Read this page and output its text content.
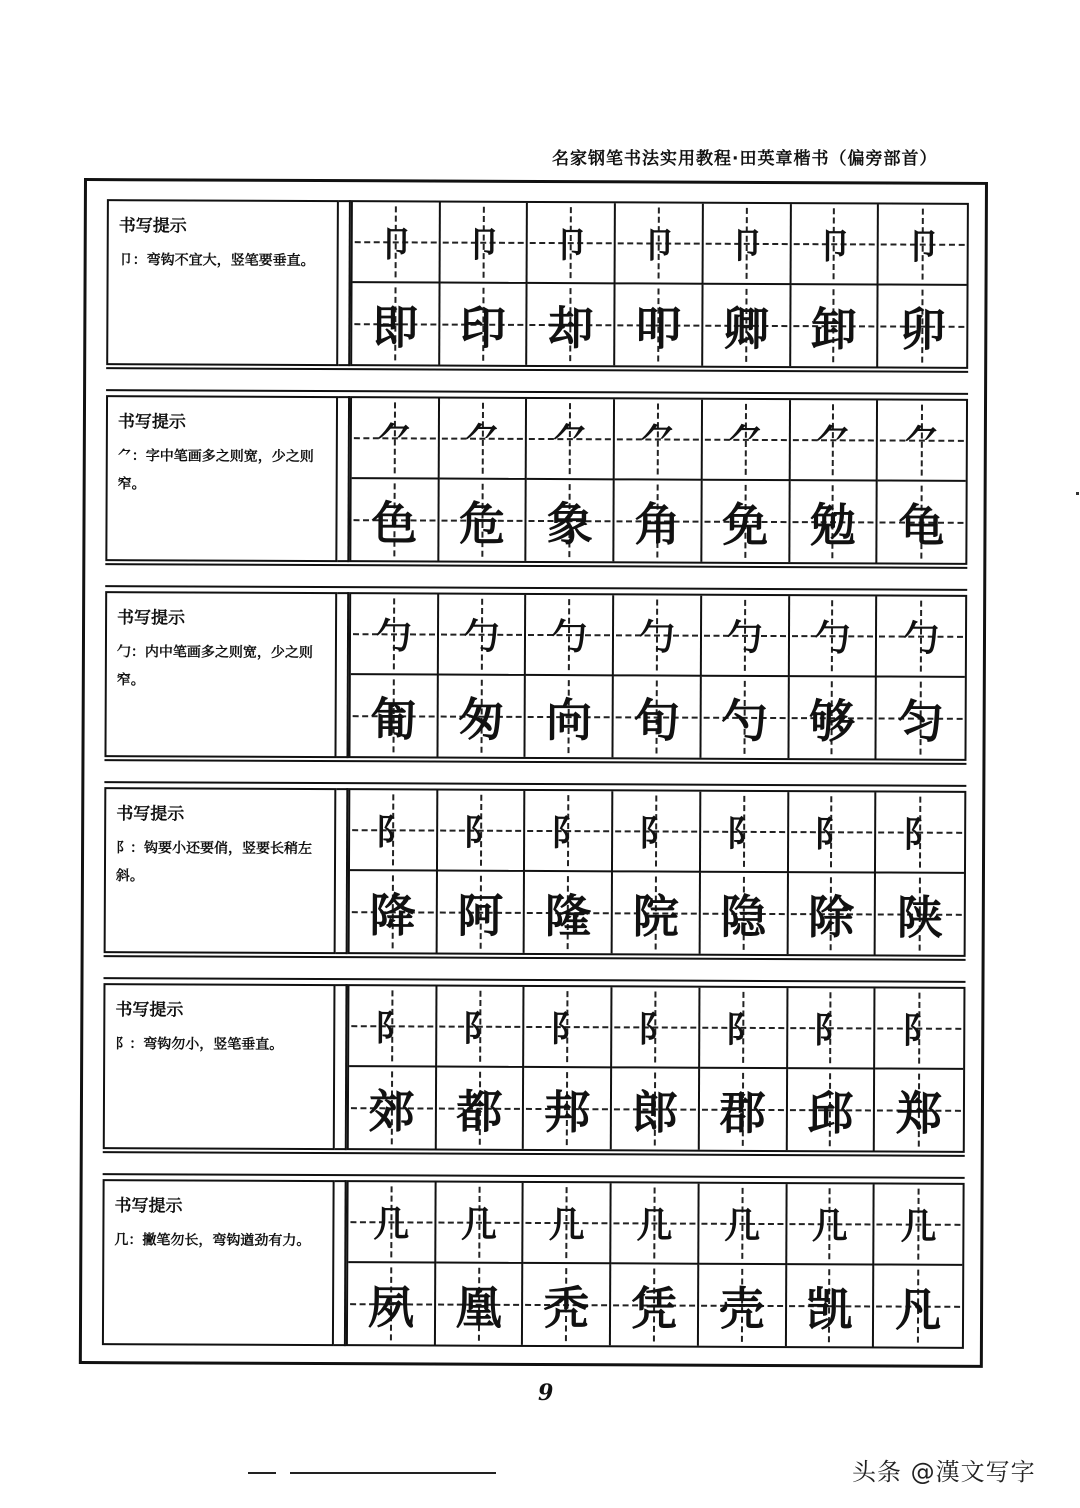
名家钢笔书法实用教程·田英章楷书（偏旁部首）
书写提示
卩：弯钩不宜大，竖笔要垂直。	卩 卩 卩 卩 卩 卩 卩
即 印 却 叩 卿 卸 卯
书写提示
⺈：字中笔画多之则宽，少之则窄。
⺈ ⺈ ⺈ ⺈ ⺈ ⺈ ⺈
色 危 象 角 免 勉 龟
书写提示
勹：内中笔画多之则宽，少之则窄。
勹 勹 勹 勹 勹 勹 勹
匍 匆 向 旬 勺 够 匀
书写提示
阝：钩要小还要俏，竖要长稍左斜。
阝 阝 阝 阝 阝 阝 阝
降 阿 隆 院 隐 除 陕
书写提示
阝：弯钩勿小，竖笔垂直。	阝 阝 阝 阝 阝 阝 阝
郊 都 邦 郎 郡 邱 郑
书写提示
几：撇笔勿长，弯钩遒劲有力。	几 几 几 几 几 几 几
夙 凰 秃 凭 壳 凯 凡
9
头条 @漢文写字
